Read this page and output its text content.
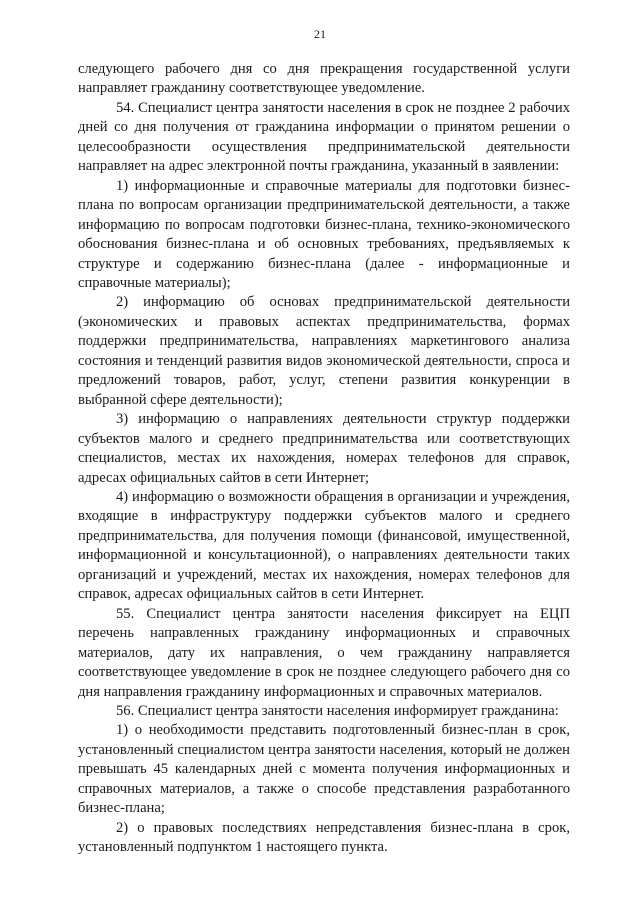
21

следующего рабочего дня со дня прекращения государственной услуги направляет гражданину соответствующее уведомление.

54. Специалист центра занятости населения в срок не позднее 2 рабочих дней со дня получения от гражданина информации о принятом решении о целесообразности осуществления предпринимательской деятельности направляет на адрес электронной почты гражданина, указанный в заявлении:

1) информационные и справочные материалы для подготовки бизнес-плана по вопросам организации предпринимательской деятельности, а также информацию по вопросам подготовки бизнес-плана, технико-экономического обоснования бизнес-плана и об основных требованиях, предъявляемых к структуре и содержанию бизнес-плана (далее - информационные и справочные материалы);

2) информацию об основах предпринимательской деятельности (экономических и правовых аспектах предпринимательства, формах поддержки предпринимательства, направлениях маркетингового анализа состояния и тенденций развития видов экономической деятельности, спроса и предложений товаров, работ, услуг, степени развития конкуренции в выбранной сфере деятельности);

3) информацию о направлениях деятельности структур поддержки субъектов малого и среднего предпринимательства или соответствующих специалистов, местах их нахождения, номерах телефонов для справок, адресах официальных сайтов в сети Интернет;

4) информацию о возможности обращения в организации и учреждения, входящие в инфраструктуру поддержки субъектов малого и среднего предпринимательства, для получения помощи (финансовой, имущественной, информационной и консультационной), о направлениях деятельности таких организаций и учреждений, местах их нахождения, номерах телефонов для справок, адресах официальных сайтов в сети Интернет.

55. Специалист центра занятости населения фиксирует на ЕЦП перечень направленных гражданину информационных и справочных материалов, дату их направления, о чем гражданину направляется соответствующее уведомление в срок не позднее следующего рабочего дня со дня направления гражданину информационных и справочных материалов.

56. Специалист центра занятости населения информирует гражданина:

1) о необходимости представить подготовленный бизнес-план в срок, установленный специалистом центра занятости населения, который не должен превышать 45 календарных дней с момента получения информационных и справочных материалов, а также о способе представления разработанного бизнес-плана;

2) о правовых последствиях непредставления бизнес-плана в срок, установленный подпунктом 1 настоящего пункта.
